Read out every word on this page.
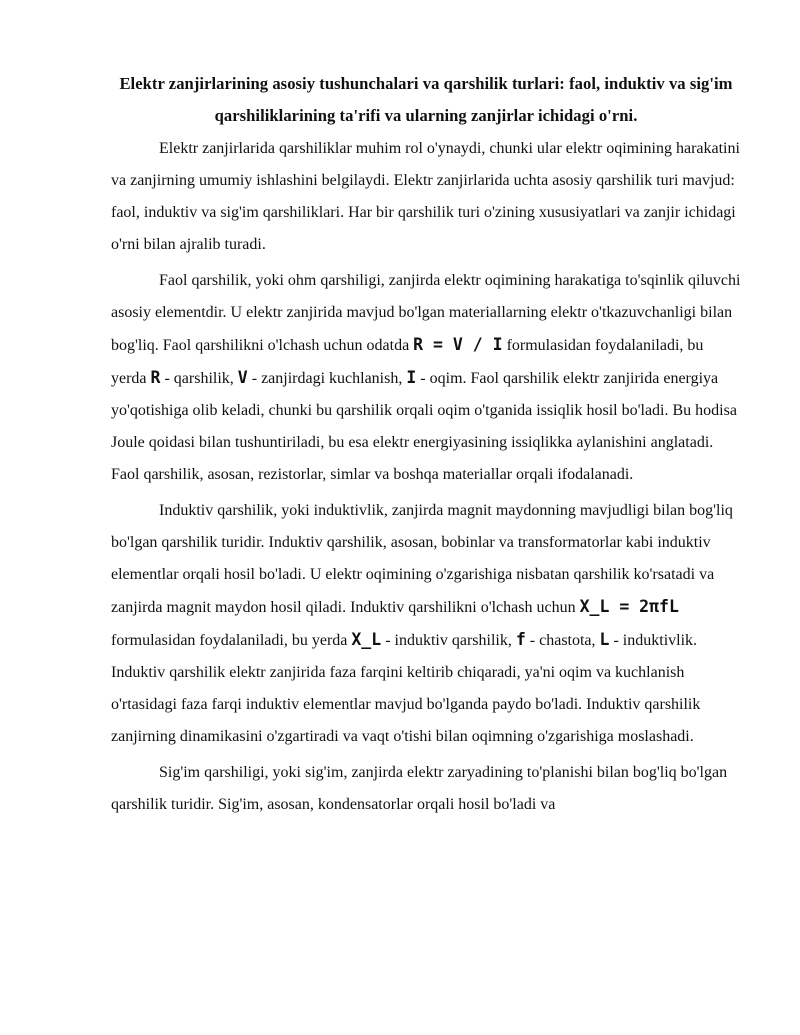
Elektr zanjirlarining asosiy tushunchalari va qarshilik turlari: faol, induktiv va sig'im qarshiliklarining ta'rifi va ularning zanjirlar ichidagi o'rni.

Elektr zanjirlarida qarshiliklar muhim rol o'ynaydi, chunki ular elektr oqimining harakatini va zanjirning umumiy ishlashini belgilaydi. Elektr zanjirlarida uchta asosiy qarshilik turi mavjud: faol, induktiv va sig'im qarshiliklari. Har bir qarshilik turi o'zining xususiyatlari va zanjir ichidagi o'rni bilan ajralib turadi.

Faol qarshilik, yoki ohm qarshiligi, zanjirda elektr oqimining harakatiga to'sqinlik qiluvchi asosiy elementdir. U elektr zanjirida mavjud bo'lgan materiallarning elektr o'tkazuvchanligi bilan bog'liq. Faol qarshilikni o'lchash uchun odatda R = V / I formulasidan foydalaniladi, bu yerda R - qarshilik, V - zanjirdagi kuchlanish, I - oqim. Faol qarshilik elektr zanjirida energiya yo'qotishiga olib keladi, chunki bu qarshilik orqali oqim o'tganida issiqlik hosil bo'ladi. Bu hodisa Joule qoidasi bilan tushuntiriladi, bu esa elektr energiyasining issiqlikka aylanishini anglatadi. Faol qarshilik, asosan, rezistorlar, simlar va boshqa materiallar orqali ifodalanadi.

Induktiv qarshilik, yoki induktivlik, zanjirda magnit maydonning mavjudligi bilan bog'liq bo'lgan qarshilik turidir. Induktiv qarshilik, asosan, bobinlar va transformatorlar kabi induktiv elementlar orqali hosil bo'ladi. U elektr oqimining o'zgarishiga nisbatan qarshilik ko'rsatadi va zanjirda magnit maydon hosil qiladi. Induktiv qarshilikni o'lchash uchun X_L = 2πfL formulasidan foydalaniladi, bu yerda X_L - induktiv qarshilik, f - chastota, L - induktivlik. Induktiv qarshilik elektr zanjirida faza farqini keltirib chiqaradi, ya'ni oqim va kuchlanish o'rtasidagi faza farqi induktiv elementlar mavjud bo'lganda paydo bo'ladi. Induktiv qarshilik zanjirning dinamikasini o'zgartiradi va vaqt o'tishi bilan oqimning o'zgarishiga moslashadi.

Sig'im qarshiligi, yoki sig'im, zanjirda elektr zaryadining to'planishi bilan bog'liq bo'lgan qarshilik turidir. Sig'im, asosan, kondensatorlar orqali hosil bo'ladi va
